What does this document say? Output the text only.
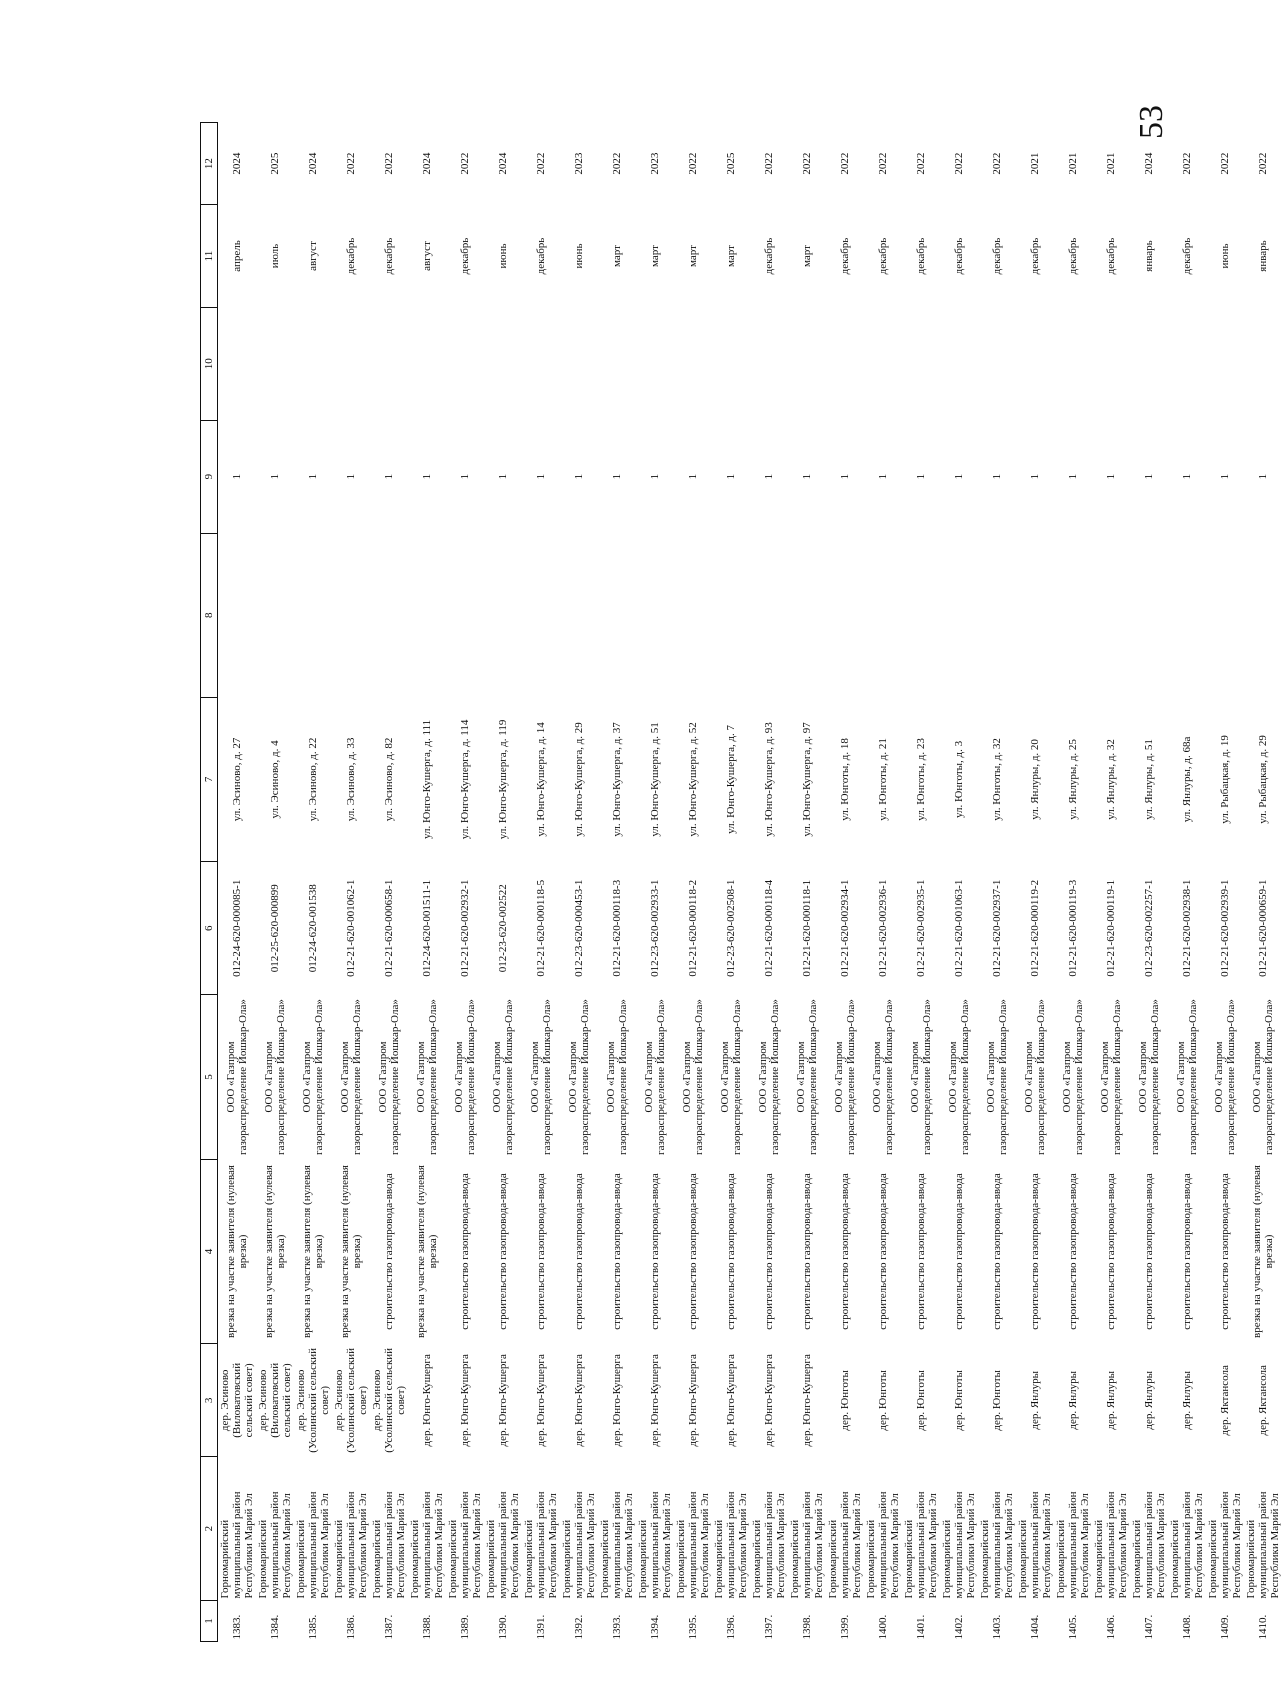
53
1	2	3	4	5	6	7	8	9	10	11	12
1383.	Горномарийский муниципальный район Республики Марий Эл	дер. Эсиново (Виловатовский сельский совет)	врезка на участке заявителя (нулевая врезка)	ООО «Газпром газораспределение Йошкар-Ола»	012-24-620-000085-1	ул. Эсиново, д. 27		1		апрель	2024
1384.	Горномарийский муниципальный район Республики Марий Эл	дер. Эсиново (Виловатовский сельский совет)	врезка на участке заявителя (нулевая врезка)	ООО «Газпром газораспределение Йошкар-Ола»	012-25-620-000899	ул. Эсиново, д. 4		1		июль	2025
1385.	Горномарийский муниципальный район Республики Марий Эл	дер. Эсиново (Усолинский сельский совет)	врезка на участке заявителя (нулевая врезка)	ООО «Газпром газораспределение Йошкар-Ола»	012-24-620-001538	ул. Эсиново, д. 22		1		август	2024
1386.	Горномарийский муниципальный район Республики Марий Эл	дер. Эсиново (Усолинский сельский совет)	врезка на участке заявителя (нулевая врезка)	ООО «Газпром газораспределение Йошкар-Ола»	012-21-620-001062-1	ул. Эсиново, д. 33		1		декабрь	2022
1387.	Горномарийский муниципальный район Республики Марий Эл	дер. Эсиново (Усолинский сельский совет)	строительство газопровода-ввода	ООО «Газпром газораспределение Йошкар-Ола»	012-21-620-000658-1	ул. Эсиново, д. 82		1		декабрь	2022
1388.	Горномарийский муниципальный район Республики Марий Эл	дер. Юнго-Кушерга	врезка на участке заявителя (нулевая врезка)	ООО «Газпром газораспределение Йошкар-Ола»	012-24-620-001511-1	ул. Юнго-Кушерга, д. 111		1		август	2024
1389.	Горномарийский муниципальный район Республики Марий Эл	дер. Юнго-Кушерга	строительство газопровода-ввода	ООО «Газпром газораспределение Йошкар-Ола»	012-21-620-002932-1	ул. Юнго-Кушерга, д. 114		1		декабрь	2022
1390.	Горномарийский муниципальный район Республики Марий Эл	дер. Юнго-Кушерга	строительство газопровода-ввода	ООО «Газпром газораспределение Йошкар-Ола»	012-23-620-002522	ул. Юнго-Кушерга, д. 119		1		июнь	2024
1391.	Горномарийский муниципальный район Республики Марий Эл	дер. Юнго-Кушерга	строительство газопровода-ввода	ООО «Газпром газораспределение Йошкар-Ола»	012-21-620-000118-5	ул. Юнго-Кушерга, д. 14		1		декабрь	2022
1392.	Горномарийский муниципальный район Республики Марий Эл	дер. Юнго-Кушерга	строительство газопровода-ввода	ООО «Газпром газораспределение Йошкар-Ола»	012-23-620-000453-1	ул. Юнго-Кушерга, д. 29		1		июнь	2023
1393.	Горномарийский муниципальный район Республики Марий Эл	дер. Юнго-Кушерга	строительство газопровода-ввода	ООО «Газпром газораспределение Йошкар-Ола»	012-21-620-000118-3	ул. Юнго-Кушерга, д. 37		1		март	2022
1394.	Горномарийский муниципальный район Республики Марий Эл	дер. Юнго-Кушерга	строительство газопровода-ввода	ООО «Газпром газораспределение Йошкар-Ола»	012-23-620-002933-1	ул. Юнго-Кушерга, д. 51		1		март	2023
1395.	Горномарийский муниципальный район Республики Марий Эл	дер. Юнго-Кушерга	строительство газопровода-ввода	ООО «Газпром газораспределение Йошкар-Ола»	012-21-620-000118-2	ул. Юнго-Кушерга, д. 52		1		март	2022
1396.	Горномарийский муниципальный район Республики Марий Эл	дер. Юнго-Кушерга	строительство газопровода-ввода	ООО «Газпром газораспределение Йошкар-Ола»	012-23-620-002508-1	ул. Юнго-Кушерга, д. 7		1		март	2025
1397.	Горномарийский муниципальный район Республики Марий Эл	дер. Юнго-Кушерга	строительство газопровода-ввода	ООО «Газпром газораспределение Йошкар-Ола»	012-21-620-000118-4	ул. Юнго-Кушерга, д. 93		1		декабрь	2022
1398.	Горномарийский муниципальный район Республики Марий Эл	дер. Юнго-Кушерга	строительство газопровода-ввода	ООО «Газпром газораспределение Йошкар-Ола»	012-21-620-000118-1	ул. Юнго-Кушерга, д. 97		1		март	2022
1399.	Горномарийский муниципальный район Республики Марий Эл	дер. Юнготы	строительство газопровода-ввода	ООО «Газпром газораспределение Йошкар-Ола»	012-21-620-002934-1	ул. Юнготы, д. 18		1		декабрь	2022
1400.	Горномарийский муниципальный район Республики Марий Эл	дер. Юнготы	строительство газопровода-ввода	ООО «Газпром газораспределение Йошкар-Ола»	012-21-620-002936-1	ул. Юнготы, д. 21		1		декабрь	2022
1401.	Горномарийский муниципальный район Республики Марий Эл	дер. Юнготы	строительство газопровода-ввода	ООО «Газпром газораспределение Йошкар-Ола»	012-21-620-002935-1	ул. Юнготы, д. 23		1		декабрь	2022
1402.	Горномарийский муниципальный район Республики Марий Эл	дер. Юнготы	строительство газопровода-ввода	ООО «Газпром газораспределение Йошкар-Ола»	012-21-620-001063-1	ул. Юнготы, д. 3		1		декабрь	2022
1403.	Горномарийский муниципальный район Республики Марий Эл	дер. Юнготы	строительство газопровода-ввода	ООО «Газпром газораспределение Йошкар-Ола»	012-21-620-002937-1	ул. Юнготы, д. 32		1		декабрь	2022
1404.	Горномарийский муниципальный район Республики Марий Эл	дер. Янлуры	строительство газопровода-ввода	ООО «Газпром газораспределение Йошкар-Ола»	012-21-620-000119-2	ул. Янлуры, д. 20		1		декабрь	2021
1405.	Горномарийский муниципальный район Республики Марий Эл	дер. Янлуры	строительство газопровода-ввода	ООО «Газпром газораспределение Йошкар-Ола»	012-21-620-000119-3	ул. Янлуры, д. 25		1		декабрь	2021
1406.	Горномарийский муниципальный район Республики Марий Эл	дер. Янлуры	строительство газопровода-ввода	ООО «Газпром газораспределение Йошкар-Ола»	012-21-620-000119-1	ул. Янлуры, д. 32		1		декабрь	2021
1407.	Горномарийский муниципальный район Республики Марий Эл	дер. Янлуры	строительство газопровода-ввода	ООО «Газпром газораспределение Йошкар-Ола»	012-23-620-002257-1	ул. Янлуры, д. 51		1		январь	2024
1408.	Горномарийский муниципальный район Республики Марий Эл	дер. Янлуры	строительство газопровода-ввода	ООО «Газпром газораспределение Йошкар-Ола»	012-21-620-002938-1	ул. Янлуры, д. 68а		1		декабрь	2022
1409.	Горномарийский муниципальный район Республики Марий Эл	дер. Яктансола	строительство газопровода-ввода	ООО «Газпром газораспределение Йошкар-Ола»	012-21-620-002939-1	ул. Рыбацкая, д. 19		1		июнь	2022
1410.	Горномарийский муниципальный район Республики Марий Эл	дер. Яктансола	врезка на участке заявителя (нулевая врезка)	ООО «Газпром газораспределение Йошкар-Ола»	012-21-620-000659-1	ул. Рыбацкая, д. 29		1		январь	2022
